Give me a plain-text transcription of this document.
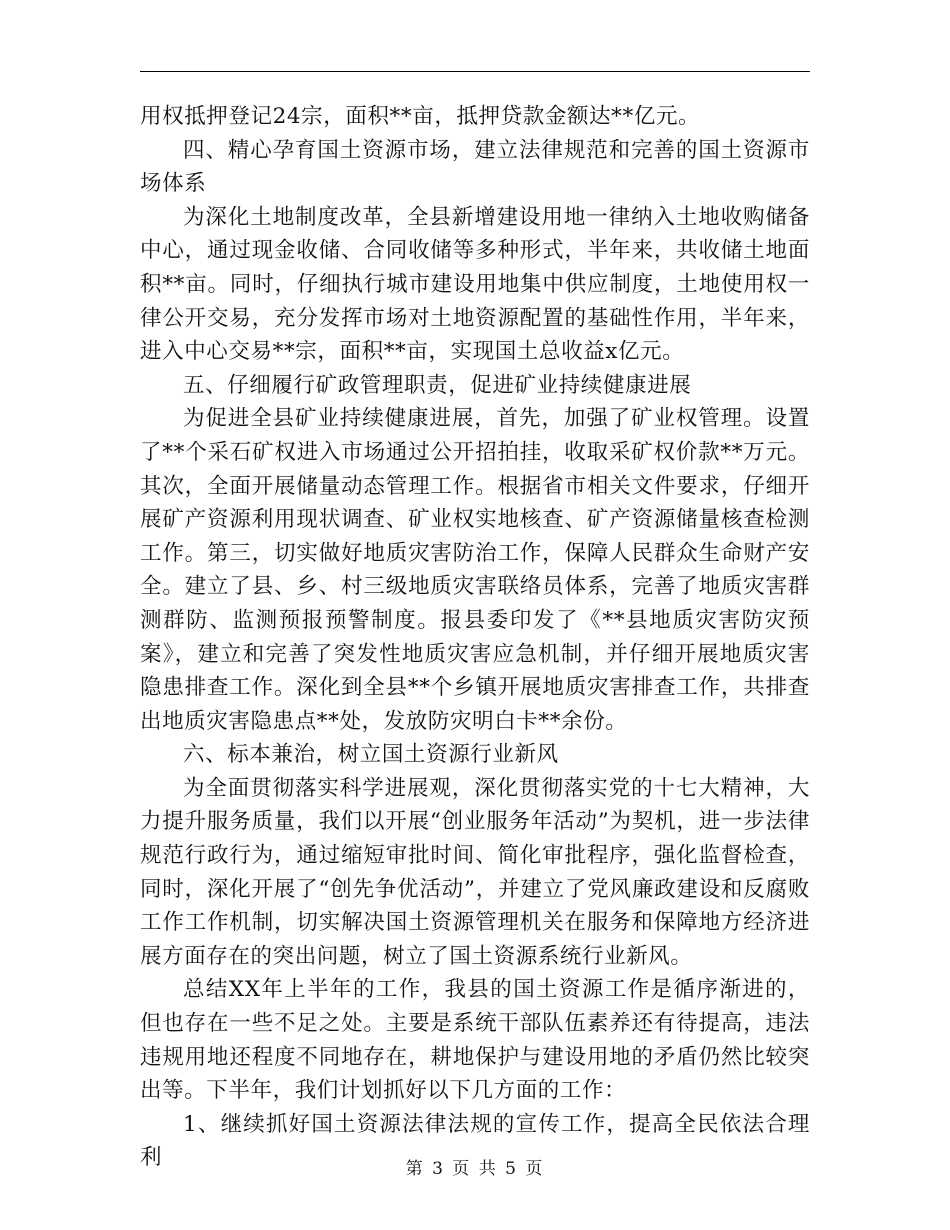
用权抵押登记24宗，面积**亩，抵押贷款金额达**亿元。

四、精心孕育国土资源市场，建立法律规范和完善的国土资源市场体系

为深化土地制度改革，全县新增建设用地一律纳入土地收购储备中心，通过现金收储、合同收储等多种形式，半年来，共收储土地面积**亩。同时，仔细执行城市建设用地集中供应制度，土地使用权一律公开交易，充分发挥市场对土地资源配置的基础性作用，半年来，进入中心交易**宗，面积**亩，实现国土总收益x亿元。

五、仔细履行矿政管理职责，促进矿业持续健康进展

为促进全县矿业持续健康进展，首先，加强了矿业权管理。设置了**个采石矿权进入市场通过公开招拍挂，收取采矿权价款**万元。其次，全面开展储量动态管理工作。根据省市相关文件要求，仔细开展矿产资源利用现状调查、矿业权实地核查、矿产资源储量核查检测工作。第三，切实做好地质灾害防治工作，保障人民群众生命财产安全。建立了县、乡、村三级地质灾害联络员体系，完善了地质灾害群测群防、监测预报预警制度。报县委印发了《**县地质灾害防灾预案》，建立和完善了突发性地质灾害应急机制，并仔细开展地质灾害隐患排查工作。深化到全县**个乡镇开展地质灾害排查工作，共排查出地质灾害隐患点**处，发放防灾明白卡**余份。

六、标本兼治，树立国土资源行业新风

为全面贯彻落实科学进展观，深化贯彻落实党的十七大精神，大力提升服务质量，我们以开展“创业服务年活动”为契机，进一步法律规范行政行为，通过缩短审批时间、简化审批程序，强化监督检查，同时，深化开展了“创先争优活动”，并建立了党风廉政建设和反腐败工作工作机制，切实解决国土资源管理机关在服务和保障地方经济进展方面存在的突出问题，树立了国土资源系统行业新风。

总结XX年上半年的工作，我县的国土资源工作是循序渐进的，但也存在一些不足之处。主要是系统干部队伍素养还有待提高，违法违规用地还程度不同地存在，耕地保护与建设用地的矛盾仍然比较突出等。下半年，我们计划抓好以下几方面的工作：

1、继续抓好国土资源法律法规的宣传工作，提高全民依法合理利	第 3 页 共 5 页
